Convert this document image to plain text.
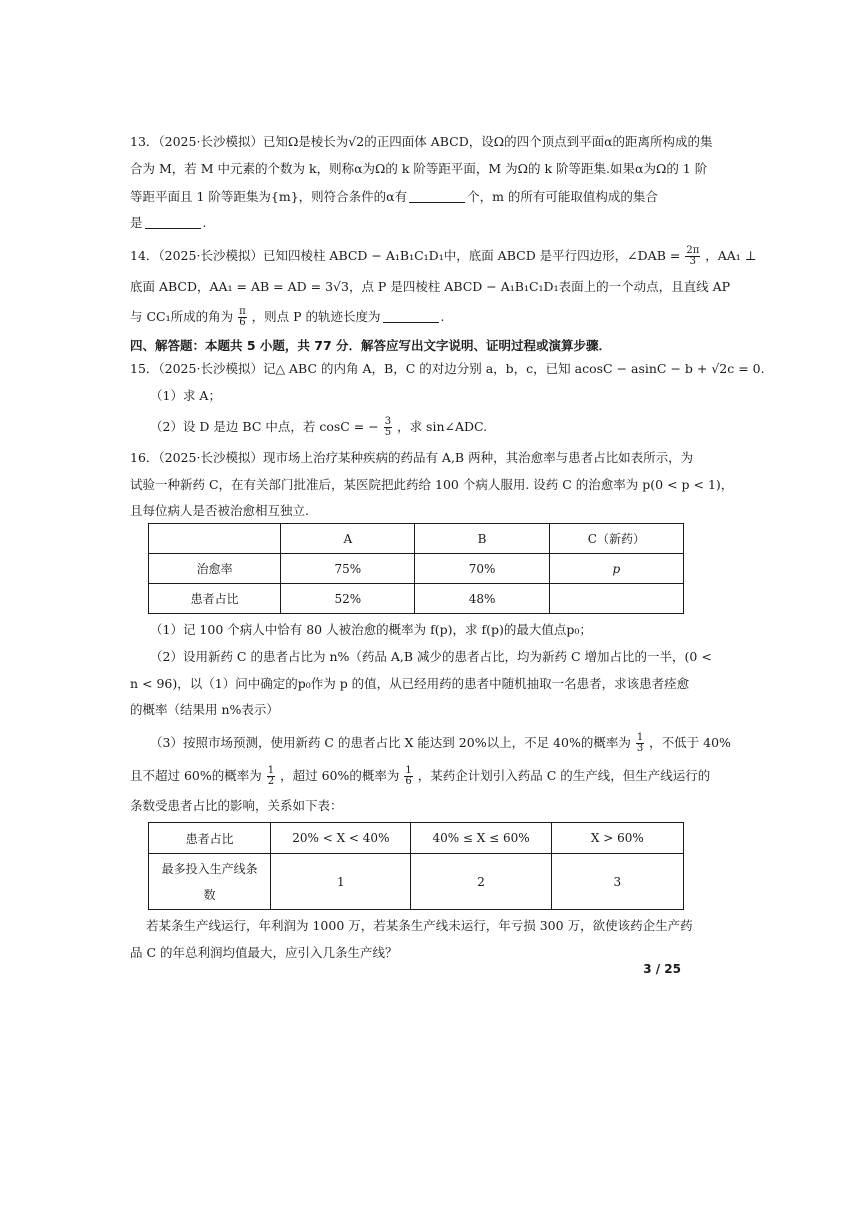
13．（2025·长沙模拟）已知Ω是棱长为√2的正四面体 ABCD，设Ω的四个顶点到平面α的距离所构成的集
合为 M，若 M 中元素的个数为 k，则称α为Ω的 k 阶等距平面，M 为Ω的 k 阶等距集.如果α为Ω的 1 阶
等距平面且 1 阶等距集为{m}，则符合条件的α有	个，m 的所有可能取值构成的集合
是	.
14．（2025·长沙模拟）已知四棱柱 ABCD − A₁B₁C₁D₁中，底面 ABCD 是平行四边形，∠DAB = $\frac{2\pi}{3}$ ，AA₁ ⊥
底面 ABCD，AA₁ = AB = AD = 3√3，点 P 是四棱柱 ABCD − A₁B₁C₁D₁表面上的一个动点，且直线 AP
与 CC₁所成的角为 $\frac{\pi}{6}$ ，则点 P 的轨迹长度为	.
四、解答题：本题共 5 小题，共 77 分．解答应写出文字说明、证明过程或演算步骤．
15．（2025·长沙模拟）记△ ABC 的内角 A，B，C 的对边分别 a，b，c，已知 acosC − asinC − b + √2c = 0.
（1）求 A；
（2）设 D 是边 BC 中点，若 cosC = − $\frac{3}{5}$ ，求 sin∠ADC.
16．（2025·长沙模拟）现市场上治疗某种疾病的药品有 A,B 两种，其治愈率与患者占比如表所示，为
试验一种新药 C，在有关部门批准后，某医院把此药给 100 个病人服用. 设药 C 的治愈率为 p(0 < p < 1)，
且每位病人是否被治愈相互独立.
	A	B	C（新药）
治愈率	75%	70%	p
患者占比	52%	48%	
（1）记 100 个病人中恰有 80 人被治愈的概率为 f(p)，求 f(p)的最大值点p₀；
（2）设用新药 C 的患者占比为 n%（药品 A,B 减少的患者占比，均为新药 C 增加占比的一半，(0 <
n < 96)，以（1）问中确定的p₀作为 p 的值，从已经用药的患者中随机抽取一名患者，求该患者痊愈
的概率（结果用 n%表示）
（3）按照市场预测，使用新药 C 的患者占比 X 能达到 20%以上，不足 40%的概率为 $\frac{1}{3}$ ，不低于 40%
且不超过 60%的概率为 $\frac{1}{2}$ ，超过 60%的概率为 $\frac{1}{6}$ ，某药企计划引入药品 C 的生产线，但生产线运行的
条数受患者占比的影响，关系如下表：
患者占比	20% < X < 40%	40% ≤ X ≤ 60%	X > 60%

最多投入生产线条
数	1	2	3
若某条生产线运行，年利润为 1000 万，若某条生产线未运行，年亏损 300 万，欲使该药企生产药
品 C 的年总利润均值最大，应引入几条生产线？
3 / 25
